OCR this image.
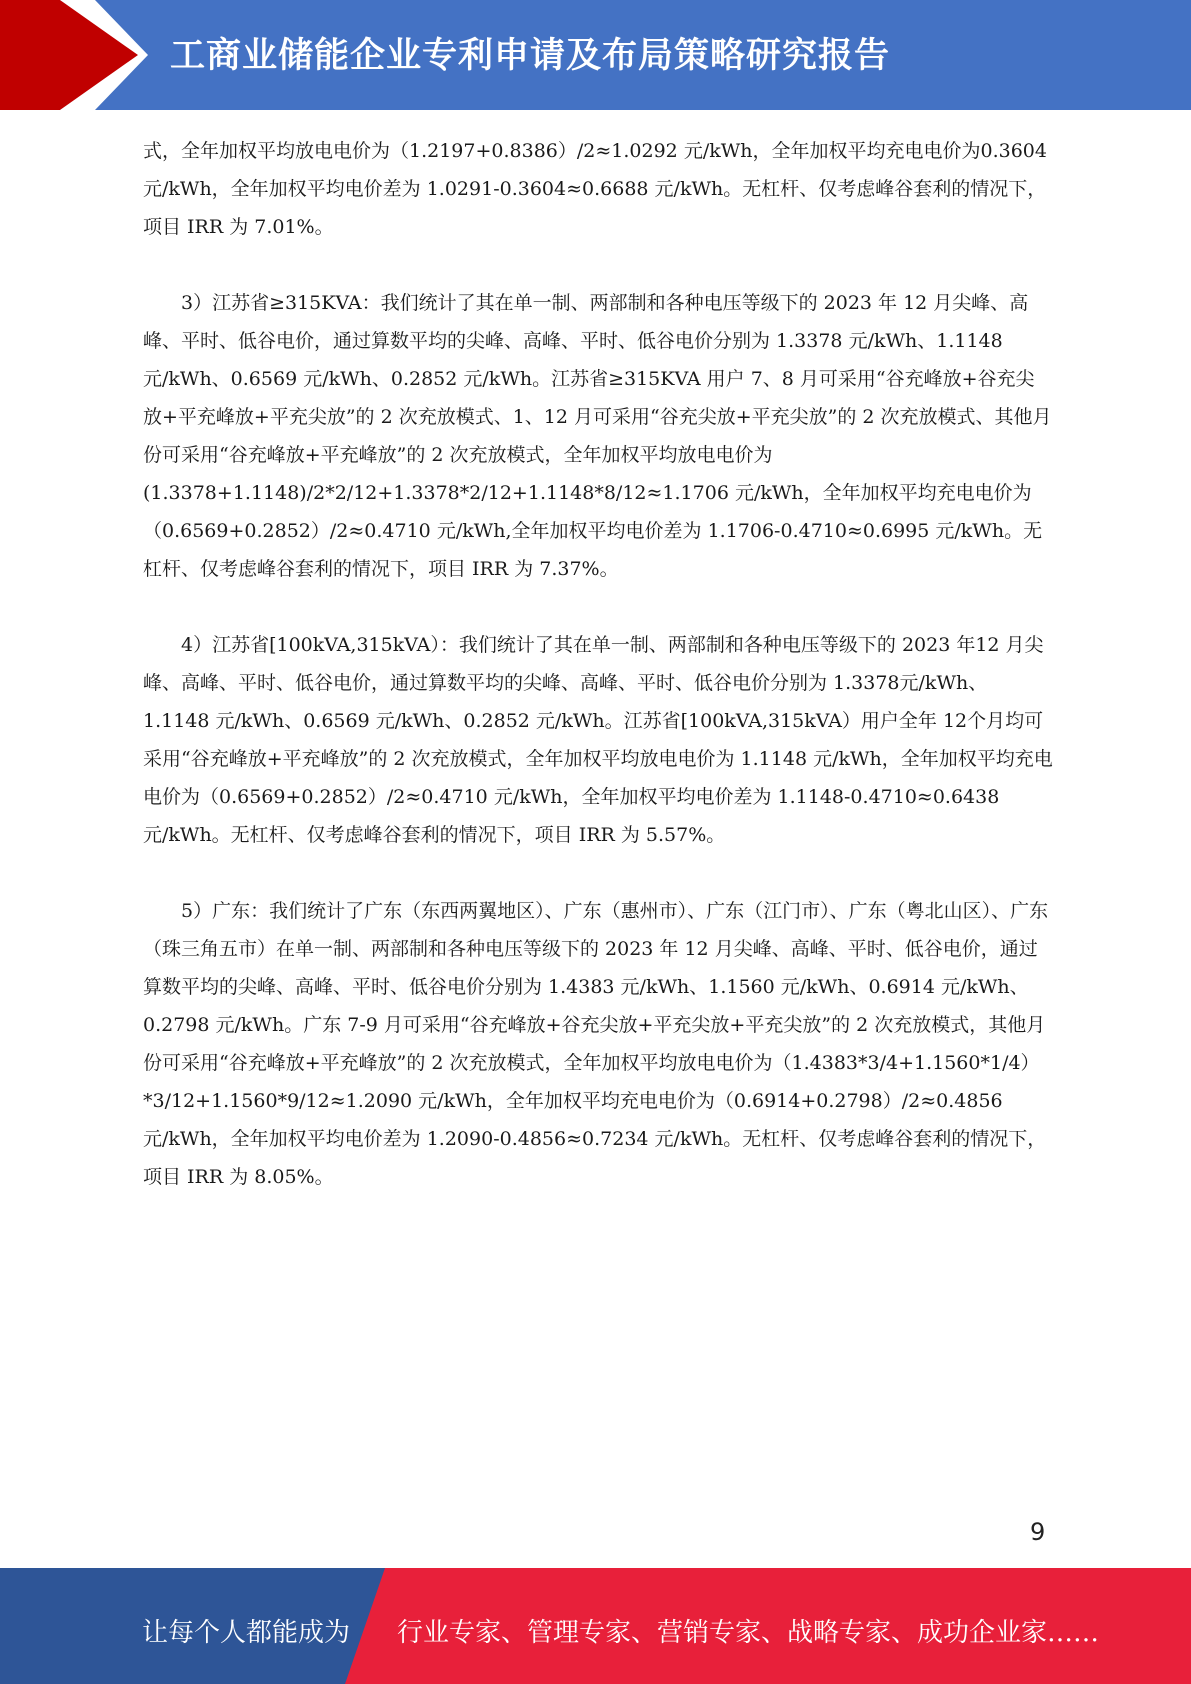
工商业储能企业专利申请及布局策略研究报告

式，全年加权平均放电电价为（1.2197+0.8386）/2≈1.0292 元/kWh，全年加权平均充电电价为0.3604 元/kWh，全年加权平均电价差为 1.0291-0.3604≈0.6688 元/kWh。无杠杆、仅考虑峰谷套利的情况下，项目 IRR 为 7.01%。

3）江苏省≥315KVA：我们统计了其在单一制、两部制和各种电压等级下的 2023 年 12 月尖峰、高峰、平时、低谷电价，通过算数平均的尖峰、高峰、平时、低谷电价分别为 1.3378 元/kWh、1.1148 元/kWh、0.6569 元/kWh、0.2852 元/kWh。江苏省≥315KVA 用户 7、8 月可采用“谷充峰放+谷充尖放+平充峰放+平充尖放”的 2 次充放模式、1、12 月可采用“谷充尖放+平充尖放”的 2 次充放模式、其他月份可采用“谷充峰放+平充峰放”的 2 次充放模式，全年加权平均放电电价为(1.3378+1.1148)/2*2/12+1.3378*2/12+1.1148*8/12≈1.1706 元/kWh，全年加权平均充电电价为（0.6569+0.2852）/2≈0.4710 元/kWh,全年加权平均电价差为 1.1706-0.4710≈0.6995 元/kWh。无杠杆、仅考虑峰谷套利的情况下，项目 IRR 为 7.37%。

4）江苏省[100kVA,315kVA）：我们统计了其在单一制、两部制和各种电压等级下的 2023 年12 月尖峰、高峰、平时、低谷电价，通过算数平均的尖峰、高峰、平时、低谷电价分别为 1.3378元/kWh、1.1148 元/kWh、0.6569 元/kWh、0.2852 元/kWh。江苏省[100kVA,315kVA）用户全年 12个月均可采用“谷充峰放+平充峰放”的 2 次充放模式，全年加权平均放电电价为 1.1148 元/kWh，全年加权平均充电电价为（0.6569+0.2852）/2≈0.4710 元/kWh，全年加权平均电价差为 1.1148-0.4710≈0.6438 元/kWh。无杠杆、仅考虑峰谷套利的情况下，项目 IRR 为 5.57%。

5）广东：我们统计了广东（东西两翼地区）、广东（惠州市）、广东（江门市）、广东（粤北山区）、广东（珠三角五市）在单一制、两部制和各种电压等级下的 2023 年 12 月尖峰、高峰、平时、低谷电价，通过算数平均的尖峰、高峰、平时、低谷电价分别为 1.4383 元/kWh、1.1560 元/kWh、0.6914 元/kWh、0.2798 元/kWh。广东 7-9 月可采用“谷充峰放+谷充尖放+平充尖放+平充尖放”的 2 次充放模式，其他月份可采用“谷充峰放+平充峰放”的 2 次充放模式，全年加权平均放电电价为（1.4383*3/4+1.1560*1/4）*3/12+1.1560*9/12≈1.2090 元/kWh，全年加权平均充电电价为（0.6914+0.2798）/2≈0.4856 元/kWh，全年加权平均电价差为 1.2090-0.4856≈0.7234 元/kWh。无杠杆、仅考虑峰谷套利的情况下，项目 IRR 为 8.05%。

9
让每个人都能成为 行业专家、管理专家、营销专家、战略专家、成功企业家……
